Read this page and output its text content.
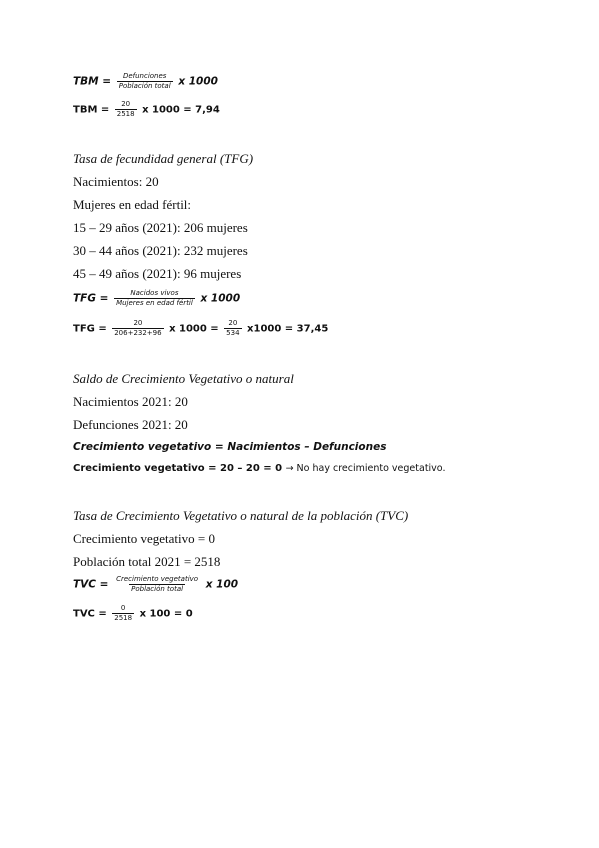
TBM = $\frac{\text{Defunciones}}{\text{Población total}}$ x 1000
TBM = $\frac{20}{2518}$ x 1000 = 7,94
Tasa de fecundidad general (TFG)
Nacimientos: 20
Mujeres en edad fértil:
15 – 29 años (2021): 206 mujeres
30 – 44 años (2021): 232 mujeres
45 – 49 años (2021): 96 mujeres
TFG = $\frac{\text{Nacidos vivos}}{\text{Mujeres en edad fértil}}$ x 1000
TFG = $\frac{20}{206+232+96}$ x $1000 = \frac{20}{534} x1000 = 37,45$
Saldo de Crecimiento Vegetativo o natural
Nacimientos 2021: 20
Defunciones 2021: 20
Crecimiento vegetativo = Nacimientos – Defunciones
Crecimiento vegetativo = 20 – 20 = 0 → No hay crecimiento vegetativo.
Tasa de Crecimiento Vegetativo o natural de la población (TVC)
Crecimiento vegetativo = 0
Población total 2021 = 2518
TVC = $\frac{\text{Crecimiento vegetativo}}{\text{Población total}}$ x 100
TVC = $\frac{0}{2518}$ x 100 = 0
